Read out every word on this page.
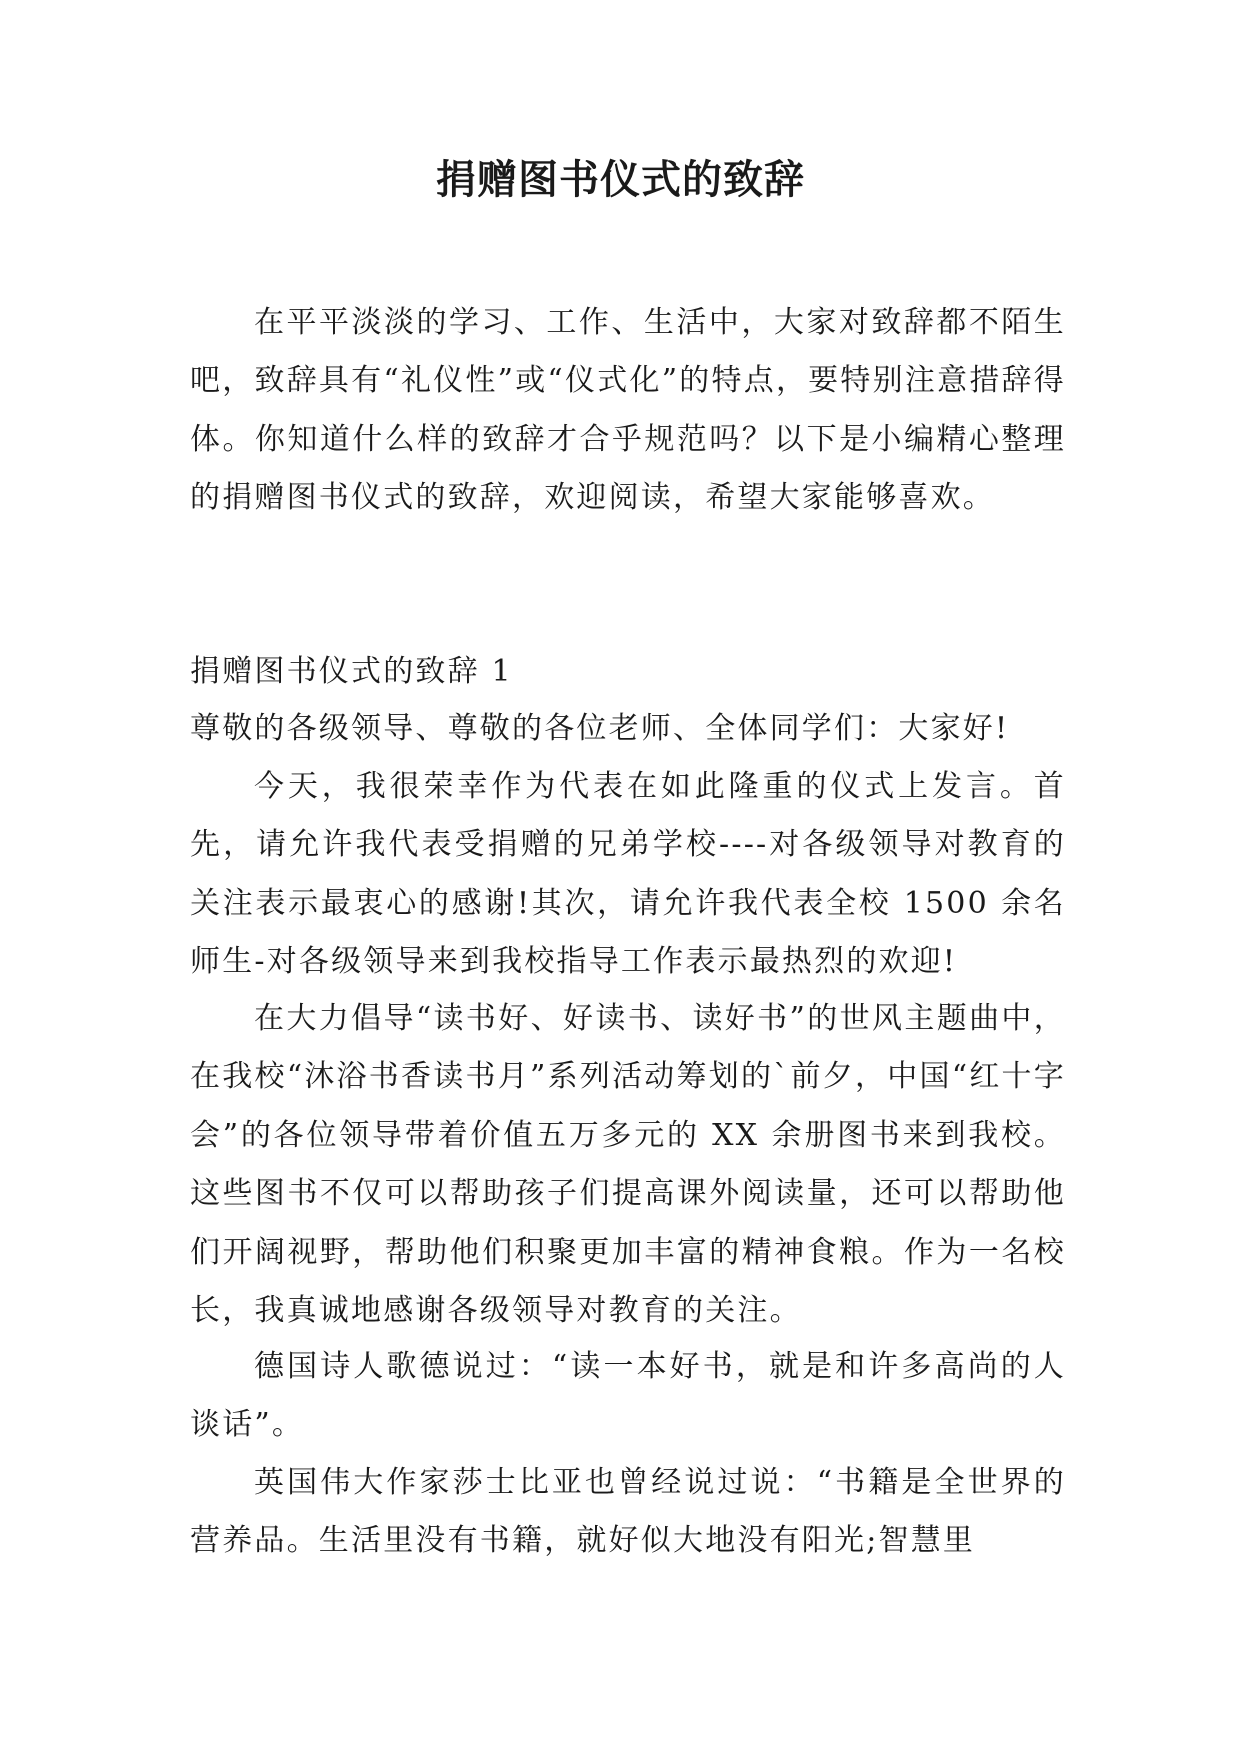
捐赠图书仪式的致辞

在平平淡淡的学习、工作、生活中，大家对致辞都不陌生吧，致辞具有“礼仪性”或“仪式化”的特点，要特别注意措辞得体。你知道什么样的致辞才合乎规范吗？以下是小编精心整理的捐赠图书仪式的致辞，欢迎阅读，希望大家能够喜欢。

捐赠图书仪式的致辞 1

尊敬的各级领导、尊敬的各位老师、全体同学们：大家好!

今天，我很荣幸作为代表在如此隆重的仪式上发言。首先，请允许我代表受捐赠的兄弟学校----对各级领导对教育的关注表示最衷心的感谢!其次，请允许我代表全校 1500 余名师生-对各级领导来到我校指导工作表示最热烈的欢迎!

在大力倡导“读书好、好读书、读好书”的世风主题曲中，在我校“沐浴书香读书月”系列活动筹划的`前夕，中国“红十字会”的各位领导带着价值五万多元的 XX 余册图书来到我校。这些图书不仅可以帮助孩子们提高课外阅读量，还可以帮助他们开阔视野，帮助他们积聚更加丰富的精神食粮。作为一名校长，我真诚地感谢各级领导对教育的关注。

德国诗人歌德说过：“读一本好书，就是和许多高尚的人谈话”。

英国伟大作家莎士比亚也曾经说过说：“书籍是全世界的营养品。生活里没有书籍，就好似大地没有阳光;智慧里
